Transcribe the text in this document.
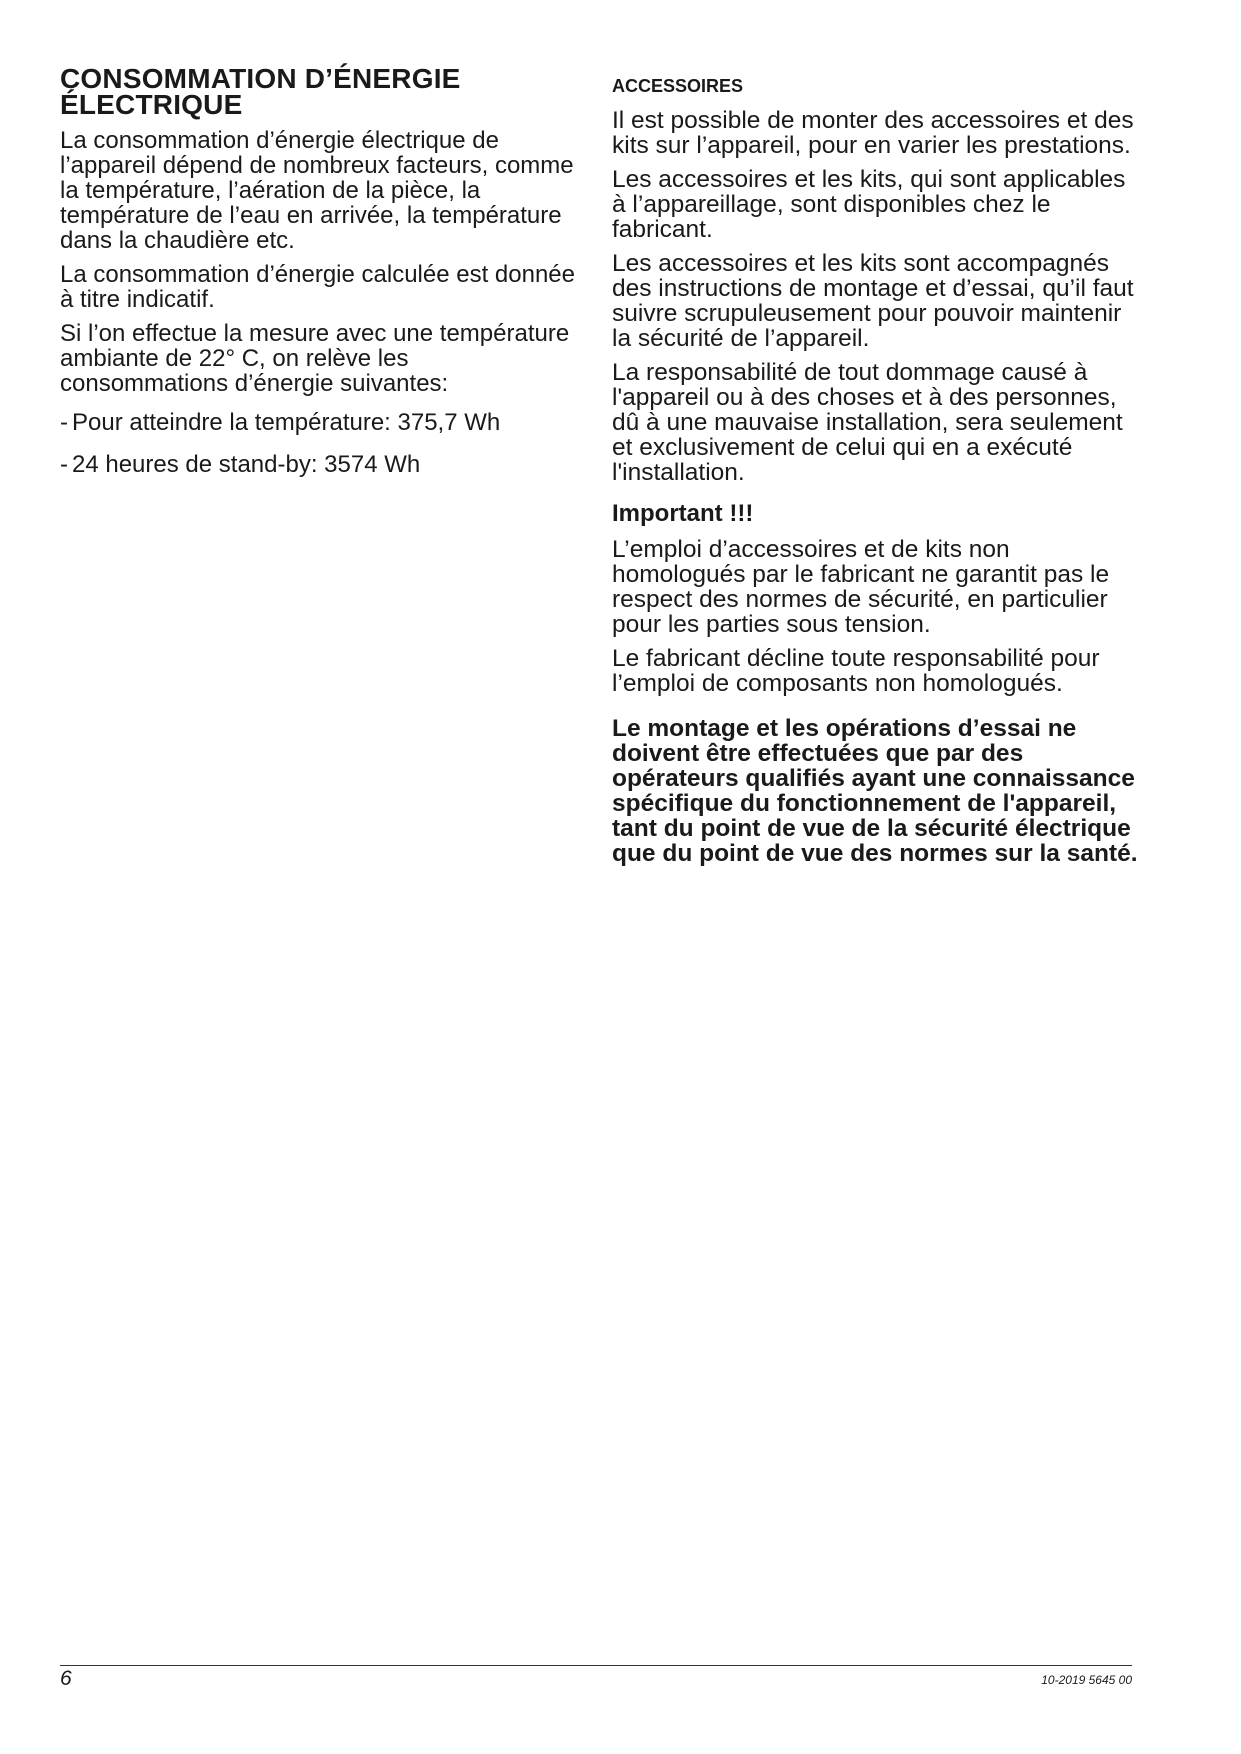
CONSOMMATION D’ÉNERGIE
ÉLECTRIQUE

La consommation d’énergie électrique de l’appareil dépend de nombreux facteurs, comme la température, l’aération de la pièce, la température de l’eau en arrivée, la température dans la chaudière etc.

La consommation d’énergie calculée est donnée à titre indicatif.

Si l’on effectue la mesure avec une température ambiante de 22° C, on relève les consommations d’énergie suivantes:

- Pour atteindre la température: 375,7 Wh
- 24 heures de stand-by: 3574 Wh
ACCESSOIRES

Il est possible de monter des accessoires et des kits sur l’appareil, pour en varier les prestations.

Les accessoires et les kits, qui sont applicables à l’appareillage, sont disponibles chez le fabricant.

Les accessoires et les kits sont accompagnés des instructions de montage et d’essai, qu’il faut suivre scrupuleusement pour pouvoir maintenir la sécurité de l’appareil.

La responsabilité de tout dommage causé à l'appareil ou à des choses et à des personnes, dû à une mauvaise installation, sera seulement et exclusivement de celui qui en a exécuté l'installation.

Important !!!

L’emploi d’accessoires et de kits non homologués par le fabricant ne garantit pas le respect des normes de sécurité, en particulier pour les parties sous tension.

Le fabricant décline toute responsabilité pour l’emploi de composants non homologués.

Le montage et les opérations d’essai ne doivent être effectuées que par des opérateurs qualifiés ayant une connaissance spécifique du fonctionnement de l'appareil, tant du point de vue de la sécurité électrique que du point de vue des normes sur la santé.

6	10-2019 5645 00
